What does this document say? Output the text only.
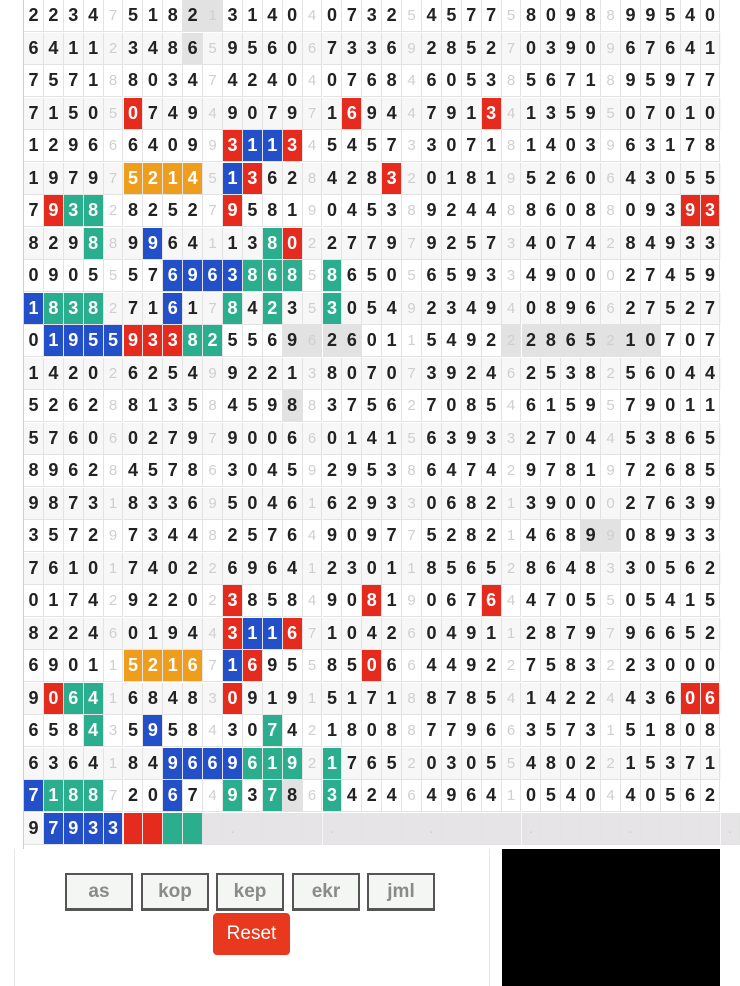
2 2 3 4 7 5 1 8 2 1 3 1 4 0 4 0 7 3 2 5 4 5 7 7 5 8 0 9 8 8 9 9 5 4 0
6 4 1 1 2 3 4 8 6 5 9 5 6 0 6 7 3 3 6 9 2 8 5 2 7 0 3 9 0 9 6 7 6 4 1
7 5 7 1 8 8 0 3 4 7 4 2 4 0 4 0 7 6 8 4 6 0 5 3 8 5 6 7 1 8 9 5 9 7 7
7 1 5 0 5 0 7 4 9 4 9 0 7 9 7 1 6 9 4 4 7 9 1 3 4 1 3 5 9 5 0 7 0 1 0
1 2 9 6 6 6 4 0 9 9 3 1 1 3 4 5 4 5 7 3 3 0 7 1 8 1 4 0 3 9 6 3 1 7 8
1 9 7 9 7 5 2 1 4 5 1 3 6 2 8 4 2 8 3 2 0 1 8 1 9 5 2 6 0 6 4 3 0 5 5
7 9 3 8 2 8 2 5 2 7 9 5 8 1 9 0 4 5 3 8 9 2 4 4 8 8 6 0 8 8 0 9 3 9 3
8 2 9 8 8 9 9 6 4 1 1 3 8 0 2 2 7 7 9 7 9 2 5 7 3 4 0 7 4 2 8 4 9 3 3
0 9 0 5 5 5 7 6 9 6 3 8 6 8 5 8 6 5 0 5 6 5 9 3 3 4 9 0 0 0 2 7 4 5 9
1 8 3 8 2 7 1 6 1 7 8 4 2 3 5 3 0 5 4 9 2 3 4 9 4 0 8 9 6 6 2 7 5 2 7
0 1 9 5 5 9 3 3 8 2 5 5 6 9 6 2 6 0 1 1 5 4 9 2 2 2 8 6 5 2 1 0 7 0 7
1 4 2 0 2 6 2 5 4 9 9 2 2 1 3 8 0 7 0 7 3 9 2 4 6 2 5 3 8 2 5 6 0 4 4
5 2 6 2 8 8 1 3 5 8 4 5 9 8 8 3 7 5 6 2 7 0 8 5 4 6 1 5 9 5 7 9 0 1 1
5 7 6 0 6 0 2 7 9 7 9 0 0 6 6 0 1 4 1 5 6 3 9 3 3 2 7 0 4 4 5 3 8 6 5
8 9 6 2 8 4 5 7 8 6 3 0 4 5 9 2 9 5 3 8 6 4 7 4 2 9 7 8 1 9 7 2 6 8 5
9 8 7 3 1 8 3 3 6 9 5 0 4 6 1 6 2 9 3 3 0 6 8 2 1 3 9 0 0 0 2 7 6 3 9
3 5 7 2 9 7 3 4 4 8 2 5 7 6 4 9 0 9 7 7 5 2 8 2 1 4 6 8 9 9 0 8 9 3 3
7 6 1 0 1 7 4 0 2 2 6 9 6 4 1 2 3 0 1 1 8 5 6 5 2 8 6 4 8 3 3 0 5 6 2
0 1 7 4 2 9 2 2 0 2 3 8 5 8 4 9 0 8 1 9 0 6 7 6 4 4 7 0 5 5 0 5 4 1 5
8 2 2 4 6 0 1 9 4 4 3 1 1 6 7 1 0 4 2 6 0 4 9 1 1 2 8 7 9 7 9 6 6 5 2
6 9 0 1 1 5 2 1 6 7 1 6 9 5 5 8 5 0 6 6 4 4 9 2 2 7 5 8 3 2 2 3 0 0 0
9 0 6 4 1 6 8 4 8 3 0 9 1 9 1 5 1 7 1 8 8 7 8 5 4 1 4 2 2 4 4 3 6 0 6
6 5 8 4 3 5 9 5 8 4 3 0 7 4 2 1 8 0 8 8 7 7 9 6 6 3 5 7 3 1 5 1 8 0 8
6 3 6 4 1 8 4 9 6 6 9 6 1 9 2 1 7 6 5 2 0 3 0 5 5 4 8 0 2 2 1 5 3 7 1
7 1 8 8 7 2 0 6 7 4 9 3 7 8 6 3 4 2 4 6 4 9 6 4 1 0 5 4 0 4 4 0 5 6 2
9 7 9 3 3	.	.	.	.	.	.
as	kop	kep	ekr	jml
Reset
